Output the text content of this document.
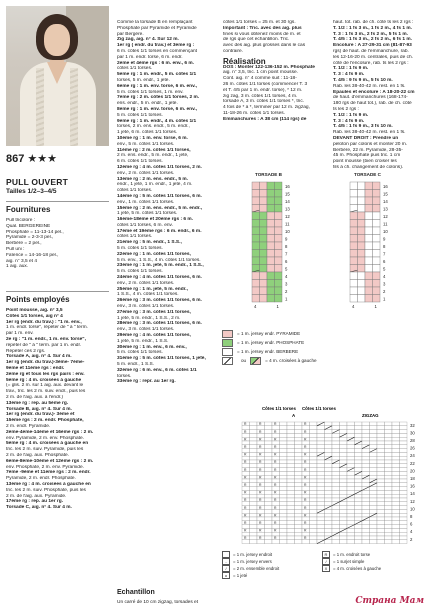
867 ★★★
PULL OUVERT
Tailles 1/2–3–4/5
Fournitures
Pull tricolore :
Qual. BERGEREINE
Phosphate = 11-13-14 pel.,
Pyramide = 2-3-3 pel.,
Berbère = 2 pel.,
Pull uni :
Faïence = 14-16-18 pel.,
aig. n° 3,5 et 4
1 aig. aux.
Points employés
Point mousse, aig. n° 3,5
Côtes 1/1 torses, aig n° 4
1er rg (endr. du trav.) : "1 m. env.,
1 m. endr. torse", répéter de " à " term.
par 1 m. env.
2e rg : "1 m. endr., 1 m. env. torse",
répéter de " à " term. par 1 m. endr.
Répéter ces 2 rgs.
Torsade A, aig. n° 4. Sur 4 m.
1er rg (endr. du trav.)-3ème- 7ème-
9ème et 11ème rgs : endr.
2ème rg et tous les rgs pairs : env.
5ème rg : 4 m. croisées à gauche
(= glis. 2 m. sur 1 aig. aux. devant le
trav., tric. les 2 m. suiv. endr., puis les
2 m. de l'aig. aux. à l'endr.)
13ème rg : rep. au 5ème rg.
Torsade B, aig. n° 4. Sur 4 m.
1er rg (endr. du trav.)- 3ème et
15ème rgs : 2 m. endr. Phosphate,
2 m. endr. Pyramide.
2ème-4ème-14ème et 16ème rgs : 2 m.
env. Pyramide, 2 m. env. Phosphate.
5ème rg : 4 m. croisées à gauche en
tric. les 2 m. suiv. Pyramide, puis les
2 m. de l'aig. aux. Phosphate.
6ème-8ème-10ème et 12ème rgs : 2 m.
env. Phosphate, 2 m. env. Pyramide.
7ème -9ème et 11ème rgs : 2 m. endr.
Pyramide, 2 m. endr. Phosphate.
13ème rg : 4 m. croisées à gauche en
tric. les 2 m. suiv. Phosphate, puis les
2 m. de l'aig. aux. Pyramide.
17ème rg : rep. au 1er rg.
Torsade C, aig. n° 4. Sur 4 m.
Comme la torsade B en remplaçant
Phosphate par Pyramide et Pyramide
par Bergère.
Zig zag, aig. n° 4. Sur 12 m.
1er rg ( endr. du trav.) et 3ème rg :
6 m. côtes 1/1 torses en commençant
par 1 m. endr. torse, 6 m. endr.
2ème et 4ème rgs : 6 m. env., 6 m.
côtes 1/1 torses.
5ème rg : 1 m. endr., 5 m. côtes 1/1
torses, 5 m. endr., 1 jeté.
6ème rg : 1 m. env. torse, 6 m. env.,
5 m. côtes 1/1 torses, 1 m. env.
7ème rg : 2 m. côtes 1/1 torses, 2 m.
ens. endr., 5 m. endr., 1 jeté.
8ème rg : 1 m. env. torse, 6 m. env.,
5 m. côtes 1/1 torses.
9ème rg : 1 m. endr., 4 m. côtes 1/1
torses, 2 m. ens. endr., 5 m. endr.,
1 jeté, 6 m. côtes 1/1 torses.
10ème rg : 1 m. env. torse, 6 m.
env., 5 m. côtes 1/1 torses.
11ème rg : 2 m. côtes 1/1 torses,
2 m. ens. endr., 5 m. endr., 1 jeté,
6 m. côtes 1/1 torses.
12ème rg : 4 m. côtes 1/1 torses, 2 m.
env., 2 m. côtes 1/1 torses.
13ème rg : 2 m. ens. endr., 5 m.
endr., 1 jeté, 1 m. endr., 1 jeté, 4 m.
côtes 1/1 torses.
14ème rg : 5 m. côtes 1/1 torses, 6 m.
env., 1 m. côtes 1/1 torses.
15ème rg : 2 m. ens. endr., 5 m. endr.,
1 jeté, 5 m. côtes 1/1 torses.
16ème-18ème et 20ème rgs : 6 m.
côtes 1/1 torses, 6 m. env.
17ème et 19ème rgs : 6 m. endr., 6 m.
côtes 1/1 torses.
21ème rg : 5 m. endr., 1 S.S.,
5 m. côtes 1/1 torses.
22ème rg : 1 m. côtes 1/1 torses,
5 m. env., 1 S.S., 4 m. côtes 1/1 torses.
23ème rg : 1 m. jeté, 5 m. endr., 1 S.S.,
5 m. côtes 1/1 torses.
24ème rg : 4 m. côtes 1/1 torses, 6 m.
env., 2 m. côtes 1/1 torses.
25ème rg : 1 m. jeté, 5 m. endr.,
1 S.S., 4 m. côtes 1/1 torses.
26ème rg : 3 m. côtes 1/1 torses, 6 m.
env., 3 m. côtes 1/1 torses.
27ème rg : 3 m. côtes 1/1 torses,
1 jeté, 5 m. endr., 1 S.S., 2 m.
28ème rg : 3 m. côtes 1/1 torses, 6 m.
env., 3 m. côtes 1/1 torses.
29ème rg : 4 m. côtes 1/1 torses,
1 jeté, 5 m. endr., 1 S.S.
30ème rg : 1 m. env., 6 m. env.,
5 m. côtes 1/1 torses.
31ème rg : 5 m. côtes 1/1 torses, 1 jeté,
5 m. endr., 1 S.S.
32ème rg : 6 m. env., 6 m. côtes 1/1
torses.
33ème rg : repr. au 1er rg.
Echantillon
Un carré de 10 cm zigzag, torsades et
côtes 1/1 torses = 25 m. et 30 rgs.
Important : Tric. avec des aig. plus
fines si vous obtenez moins de m. et
de rgs que cet échantillon. Tric.
avec des aig. plus grosses dans le cas
contraire.
Réalisation
DOS : Monter 122-136-152 m. Phosphate
aig. n° 3,5, tric. 1 cm point mousse.
Cont. aig. n° 4 comme suit : 11-18-
26 m. côtes 1/1 torses (commencer T. 3
et T. 4/5 par 1 m. endr. torse), * 12 m.
zig zag, 3 m. côtes 1/1 torses, 4 m.
torsade A, 3 m. côtes 1/1 torses *, tric.
4 fois de * à *, terminer par 12 m. zigzag,
11-18-26 m. côtes 1/1 torses.
Emmanchures : A 38 cm (114 rgs) de
haut. tot. rab. de ch. côté ts les 2 rgs :
T. 1/2 : 1 fs 3 m., 1 fs 2 m., 4 fs 1 m.
T. 3 : 1 fs 3 m., 2 fs 2 m., 5 fs 1 m.
T. 4/5 : 1 fs 3 m., 2 fs 2 m., 6 fs 1 m.
Encolure : A 27-29-31 cm (81-87-93
rgs) de haut. de l'emmanchure, rab.
les 12-16-20 m. centrales, puis de ch.
côté de l'encolure, rab. ts les 2 rgs :
T. 1/2 : 1 fs 9 m.
T. 3 : 4 fs 9 m.
T. 4/5 : 9 fs 9 m., 5 fs 10 m.
Rab. les 38-40-42 m. rest. en 1 fs.
Epaules et encolure : A 18-20-22 cm
de haut. d'emmanchures (168-174-
180 rgs de haut tot.), rab. de ch. côté
ts les 2 rgs :
T. 1/2 : 1 fs 9 m.
T. 3 : 4 fs 9 m.
T. 4/5 : 1 fs 9 m., 3 fs 10 m.
Rab. les 38-40-42 m. rest. en 1 fs.
DEVANT DROIT : Prendre un
peloton par coloris et monter 20 m.
Berbère, 22 m. Pyramide, 28-35-
45 m. Phosphate puis tric. 1 cm
point mousse (bien croiser les
fils à ch. changement de coloris).
TORSADE B	TORSADE C
16
15
14
13
12
11
10
9
8
7
6
5
4
3
2
1
4	1
16
15
14
13
12
11
10
9
8
7
6
5
4
3
2
1
4	1
= 1 m. jersey endr. PYRAMIDE
= 1 m. jersey endr. PHOSPHATE
= 1 m. jersey endr. BERBERE
ou	= 4 m. croisées à gauche
Côtes 1/1 torses Côtes 1/1 torses
A	ZIGZAG
R	R	R	R
R	R	R	R
R	R	R	R
R	R	R	R
R	R	R	R
R	R	R	R
R	R	R	R
R	R	R	R
R	R	R	R
R	R	R	R
R	R	R	R
R	R	R	R
R	R	R	R
R	R	R	R
R	R	R	R
R	R	R	R
32
30
28
26
24
22
20
18
16
14
12
10
8
6
4
2
= 1 m. jersey endroit	R	= 1 m. endroit torse
-	= 1 m. jersey envers	/	= 1 surjet simple
/	= 2 m. ensemble endroit	X	= 4 m. croisées à gauche
o	= 1 jeté
Страна Мам
